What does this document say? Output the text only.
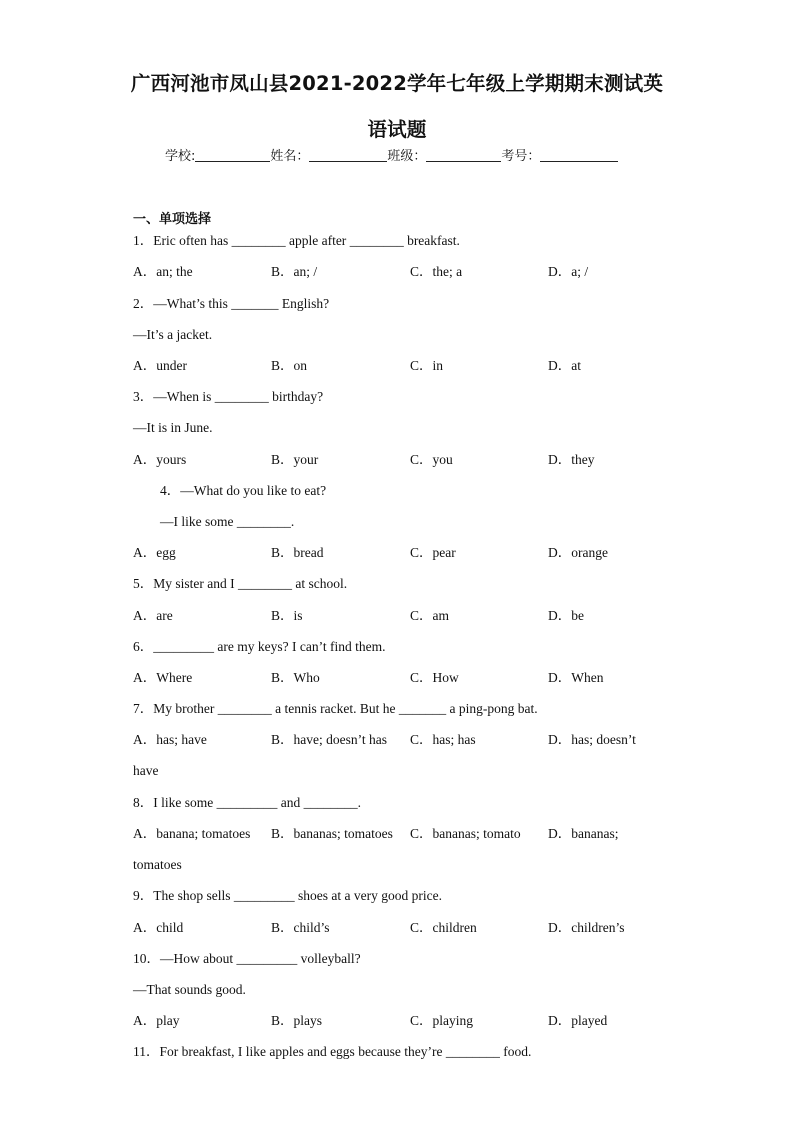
广西河池市凤山县2021-2022学年七年级上学期期末测试英
语试题
学校:	姓名：	班级：	考号：
一、单项选择
1．Eric often has ________ apple after ________ breakfast.
A．an; the	B．an; /	C．the; a	D．a; /
2．—What’s this _______ English?
—It’s a jacket.
A．under	B．on	C．in	D．at
3．—When is ________ birthday?
—It is in June.
A．yours	B．your	C．you	D．they
4．—What do you like to eat?
—I like some ________.
A．egg	B．bread	C．pear	D．orange
5．My sister and I ________ at school.
A．are	B．is	C．am	D．be
6．_________ are my keys? I can’t find them.
A．Where	B．Who	C．How	D．When
7．My brother ________ a tennis racket. But he _______ a ping-pong bat.
A．has; have	B．have; doesn’t has C．has; has	D．has; doesn’t
have
8．I like some _________ and ________.
A．banana; tomatoes B．bananas; tomatoes C．bananas; tomato D．bananas;
tomatoes
9．The shop sells _________ shoes at a very good price.
A．child	B．child’s	C．children	D．children’s
10．—How about _________ volleyball?
—That sounds good.
A．play	B．plays	C．playing	D．played
11．For breakfast, I like apples and eggs because they’re ________ food.
